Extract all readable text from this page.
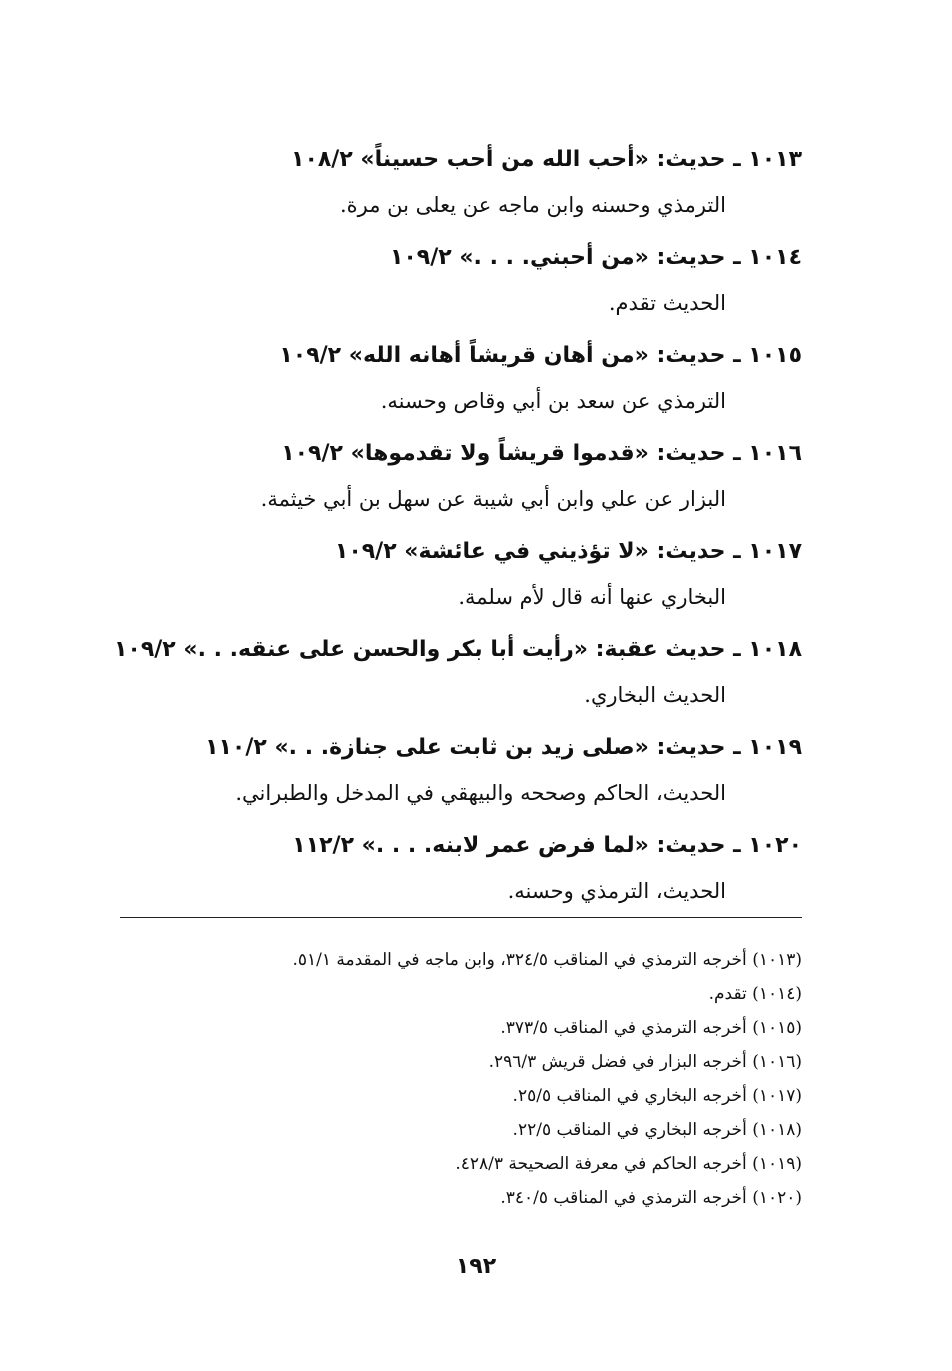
١٠١٣ ـ حديث: «أحب الله من أحب حسيناً» ١٠٨/٢
الترمذي وحسنه وابن ماجه عن يعلى بن مرة.
١٠١٤ ـ حديث: «من أحبني. . . .» ١٠٩/٢
الحديث تقدم.
١٠١٥ ـ حديث: «من أهان قريشاً أهانه الله» ١٠٩/٢
الترمذي عن سعد بن أبي وقاص وحسنه.
١٠١٦ ـ حديث: «قدموا قريشاً ولا تقدموها» ١٠٩/٢
البزار عن علي وابن أبي شيبة عن سهل بن أبي خيثمة.
١٠١٧ ـ حديث: «لا تؤذيني في عائشة» ١٠٩/٢
البخاري عنها أنه قال لأم سلمة.
١٠١٨ ـ حديث عقبة: «رأيت أبا بكر والحسن على عنقه. . .» ١٠٩/٢
الحديث البخاري.
١٠١٩ ـ حديث: «صلى زيد بن ثابت على جنازة. . .» ١١٠/٢
الحديث، الحاكم وصححه والبيهقي في المدخل والطبراني.
١٠٢٠ ـ حديث: «لما فرض عمر لابنه. . . .» ١١٢/٢
الحديث، الترمذي وحسنه.
(١٠١٣) أخرجه الترمذي في المناقب ٣٢٤/٥، وابن ماجه في المقدمة ٥١/١.
(١٠١٤) تقدم.
(١٠١٥) أخرجه الترمذي في المناقب ٣٧٣/٥.
(١٠١٦) أخرجه البزار في فضل قريش ٢٩٦/٣.
(١٠١٧) أخرجه البخاري في المناقب ٢٥/٥.
(١٠١٨) أخرجه البخاري في المناقب ٢٢/٥.
(١٠١٩) أخرجه الحاكم في معرفة الصحيحة ٤٢٨/٣.
(١٠٢٠) أخرجه الترمذي في المناقب ٣٤٠/٥.
١٩٢
